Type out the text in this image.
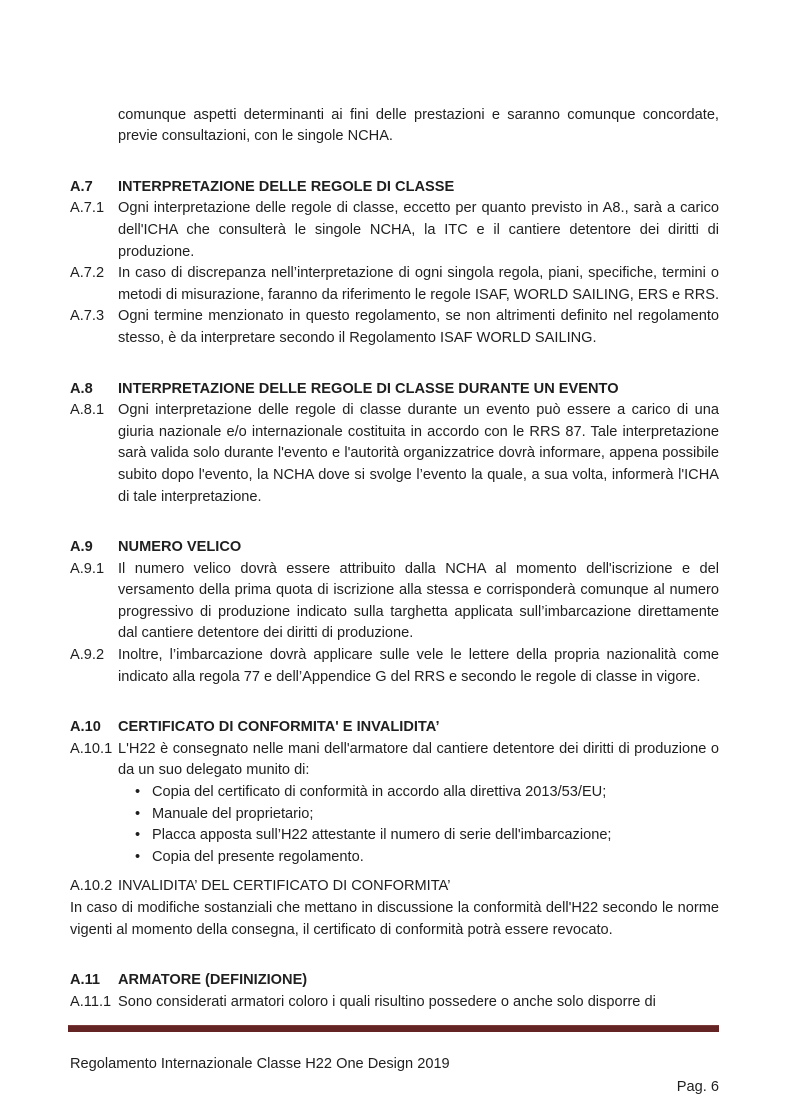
comunque aspetti determinanti ai fini delle prestazioni e saranno comunque concordate, previe consultazioni, con le singole NCHA.

A.7	INTERPRETAZIONE DELLE REGOLE DI CLASSE
A.7.1 Ogni interpretazione delle regole di classe, eccetto per quanto previsto in A8., sarà a carico dell'ICHA che consulterà le singole NCHA, la ITC e il cantiere detentore dei diritti di produzione.
A.7.2 In caso di discrepanza nell’interpretazione di ogni singola regola, piani, specifiche, termini o metodi di misurazione, faranno da riferimento le regole ISAF, WORLD SAILING, ERS e RRS.
A.7.3 Ogni termine menzionato in questo regolamento, se non altrimenti definito nel regolamento stesso, è da interpretare secondo il Regolamento ISAF WORLD SAILING.
A.8	INTERPRETAZIONE DELLE REGOLE DI CLASSE DURANTE UN EVENTO
A.8.1 Ogni interpretazione delle regole di classe durante un evento può essere a carico di una giuria nazionale e/o internazionale costituita in accordo con le RRS 87. Tale interpretazione sarà valida solo durante l'evento e l'autorità organizzatrice dovrà informare, appena possibile subito dopo l'evento, la NCHA dove si svolge l’evento la quale, a sua volta, informerà l'ICHA di tale interpretazione.
A.9	NUMERO VELICO
A.9.1 Il numero velico dovrà essere attribuito dalla NCHA al momento dell'iscrizione e del versamento della prima quota di iscrizione alla stessa e corrisponderà comunque al numero progressivo di produzione indicato sulla targhetta applicata sull’imbarcazione direttamente dal cantiere detentore dei diritti di produzione.
A.9.2 Inoltre, l’imbarcazione dovrà applicare sulle vele le lettere della propria nazionalità come indicato alla regola 77 e dell’Appendice G del RRS e secondo le regole di classe in vigore.
A.10	CERTIFICATO DI CONFORMITA' E INVALIDITA’
A.10.1 L'H22 è consegnato nelle mani dell'armatore dal cantiere detentore dei diritti di produzione o da un suo delegato munito di:
• Copia del certificato di conformità in accordo alla direttiva 2013/53/EU;
• Manuale del proprietario;
• Placca apposta sull’H22 attestante il numero di serie dell'imbarcazione;
• Copia del presente regolamento.
A.10.2 INVALIDITA’ DEL CERTIFICATO DI CONFORMITA’

In caso di modifiche sostanziali che mettano in discussione la conformità dell'H22 secondo le norme vigenti al momento della consegna, il certificato di conformità potrà essere revocato.

A.11	ARMATORE (DEFINIZIONE)
A.11.1 Sono considerati armatori coloro i quali risultino possedere o anche solo disporre di
Regolamento Internazionale Classe H22 One Design 2019
Pag. 6
